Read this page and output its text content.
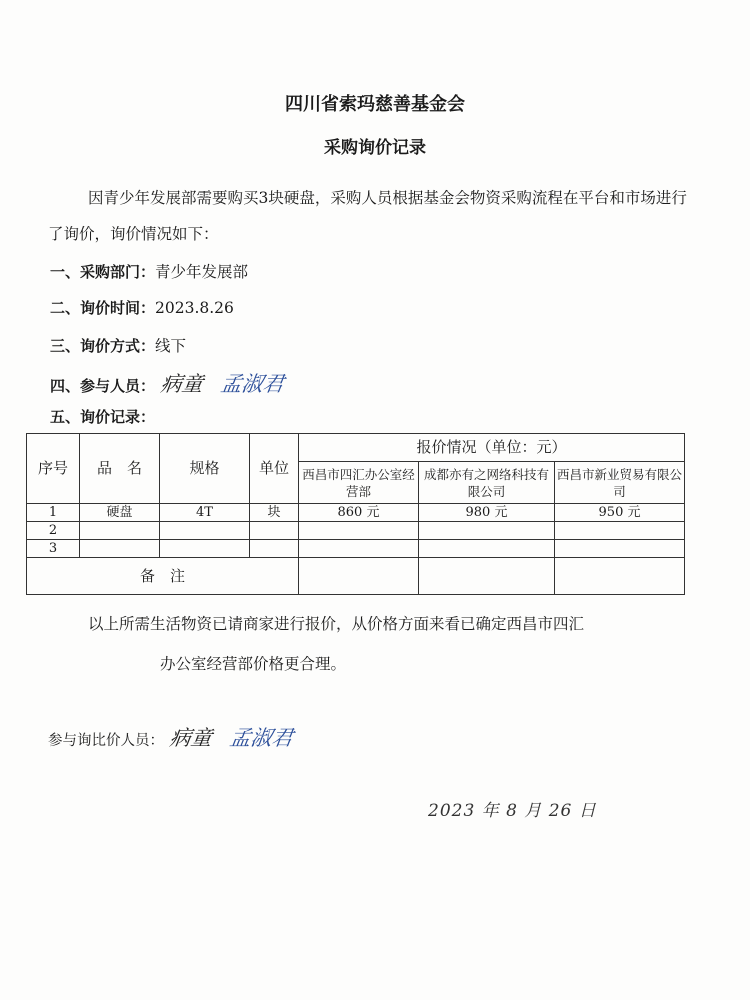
四川省索玛慈善基金会
采购询价记录
因青少年发展部需要购买3块硬盘，采购人员根据基金会物资采购流程在平台和市场进行了询价，询价情况如下：
一、采购部门：青少年发展部
二、询价时间：2023.8.26
三、询价方式：线下
四、参与人员： 病童 孟淑君
五、询价记录：
序号	品　名	规格	单位	报价情况（单位：元）		
				西昌市四汇办公室经营部	成都亦有之网络科技有限公司	西昌市新业贸易有限公司
1	硬盘	4T	块	860 元	980 元	950 元
2						
3						
备　注						
以上所需生活物资已请商家进行报价，从价格方面来看已确定西昌市四汇
办公室经营部价格更合理。
参与询比价人员： 病童 孟淑君
2023 年 8 月 26 日
